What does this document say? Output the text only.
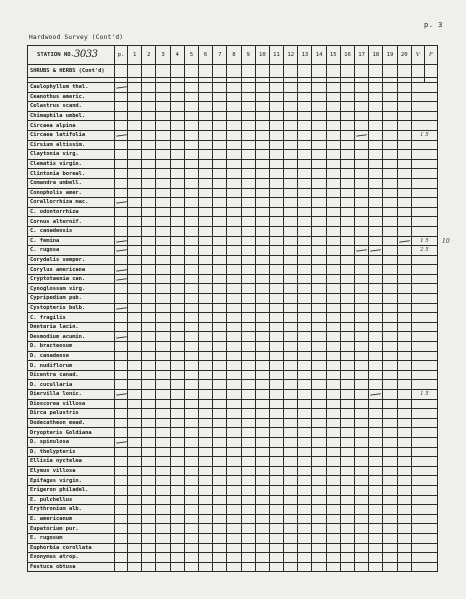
p. 3
Hardwood Survey (Cont'd)
STATION NO.3033	p.	1	2	3	4	5	6	7	8	9	10	11	12	13	14	15	16	17	18	19	20	V	F
SHRUBS & HERBS (Cont'd)																							

Caulophyllum thal.																							
Ceanothus americ.																							
Celastrus scand.																							
Chimaphila umbel.																							
Circaea alpina																							
Circaea latifolia																						1 5	
Cirsium altissim.																							
Claytonia virg.																							
Clematis virgin.																							
Clintonia boreal.																							
Comandra umbell.																							
Conopholis amer.																							
Corallorrhiza mac.																							
C. odontorrhiza																							
Cornus alternif.																							
C. canadensis																							
C. femina																						1 5	
C. rugosa																						2 5	
Corydalis semper.																							
Corylus americana																							
Cryptotaenia can.																							
Cynoglossum virg.																							
Cypripedium pub.																							
Cystopteris bulb.																							
C. fragilis																							
Dentaria lacin.																							
Desmodium acumin.																							
D. bracteosum																							
D. canadense																							
D. nudiflorum																							
Dicentra canad.																							
D. cucullaria																							
Diervilla lonic.																						1 5	
Dioscorea villosa																							
Dirca palustris																							
Dodecatheon mead.																							
Dryopteris Goldiana																							
D. spinulosa																							
D. thelypteris																							
Ellisia nyctelea																							
Elymus villosa																							
Epifagus virgin.																							
Erigeron philadel.																							
E. pulchellus																							
Erythronium alb.																							
E. americanum																							
Eupatorium pur.																							
E. rugosum																							
Euphorbia corollata																							
Evonymus atrop.																							
Festuca obtusa																							
10
